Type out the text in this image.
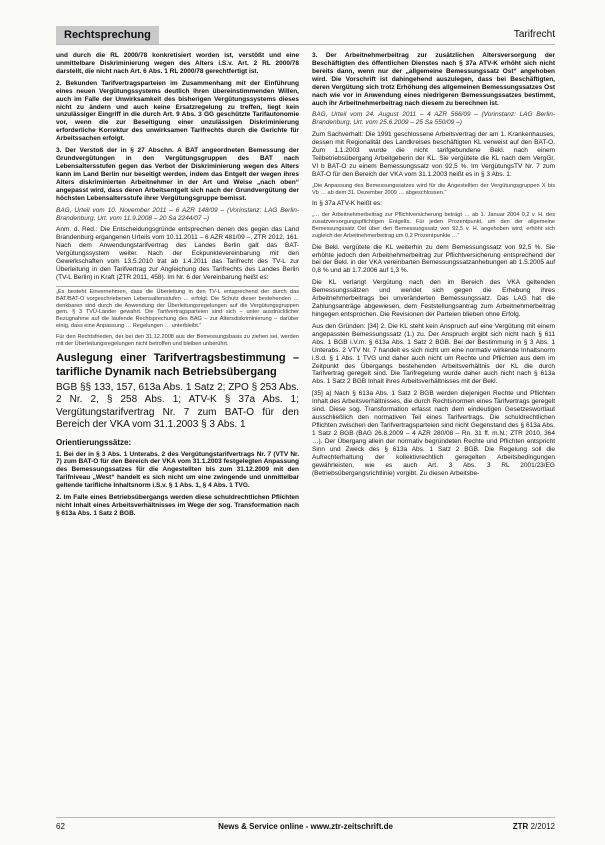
Rechtsprechung	Tarifrecht

und durch die RL 2000/78 konkretisiert worden ist, verstößt und eine unmittelbare Diskriminierung wegen des Alters i.S.v. Art. 2 RL 2000/78 darstellt, die nicht nach Art. 6 Abs. 1 RL 2000/78 gerechtfertigt ist.

2. Bekunden Tarifvertragsparteien im Zusammenhang mit der Einführung eines neuen Vergütungssystems deutlich ihren übereinstimmenden Willen, auch im Falle der Unwirksamkeit des bisherigen Vergütungssystems dieses nicht zu ändern und auch keine Ersatzregelung zu treffen, liegt kein unzulässiger Eingriff in die durch Art. 9 Abs. 3 GG geschützte Tarifautonomie vor, wenn die zur Beseitigung einer unzulässigen Diskriminierung erforderliche Korrektur des unwirksamen Tarifrechts durch die Gerichte für Arbeitssachen erfolgt.

3. Der Verstoß der in § 27 Abschn. A BAT angeordneten Bemessung der Grundvergütungen in den Vergütungsgruppen des BAT nach Lebensaltersstufen gegen das Verbot der Diskriminierung wegen des Alters kann im Land Berlin nur beseitigt werden, indem das Entgelt der wegen ihres Alters diskriminierten Arbeitnehmer in der Art und Weise „nach oben“ angepasst wird, dass deren Arbeitsentgelt sich nach der Grundvergütung der höchsten Lebensaltersstufe ihrer Vergütungsgruppe bemisst.

BAG, Urteil vom 10. November 2011 – 6 AZR 148/09 – (Vorinstanz: LAG Berlin-Brandenburg, Urt. vom 11.9.2008 – 20 Sa 2244/07 –)

Anm. d. Red.: Die Entscheidungsgründe entsprechen denen des gegen das Land Brandenburg ergangenen Urteils vom 10.11.2011 – 6 AZR 481/09 –, ZTR 2012, 161. Nach dem Anwendungstarifvertrag des Landes Berlin galt das BAT-Vergütungssystem weiter. Nach der Eckpunktevereinbarung mit den Gewerkschaften vom 13.5.2010 trat ab 1.4.2011 das Tarifrecht des TV-L zur Überleitung in den Tarifvertrag zur Angleichung des Tarifrechts des Landes Berlin (TV-L Berlin) in Kraft (ZTR 2011, 458). Im Nr. 6 der Vereinbarung heißt es:

„Es besteht Einvernehmen, dass die Überleitung in den TV-L entsprechend der durch das BAT/BAT-O vorgeschriebenen Lebensaltersstufen … erfolgt. Die Schutz dieser bestehenden … denkbaren sind durch die Anwendung der Überleitungsregelungen auf die Vergütungsgruppen gem. § 3 TVÜ-Länder gewahrt. Die Tarifvertragsparteien sind sich – unter ausdrücklicher Bezugnahme auf die laufende Rechtsprechung des BAG – zur Altersdiskriminierung – darüber einig, dass eine Anpassung … Regelungen … unterbleibt.“

Für den Rechtsfrieden, der bei den 31.12.2008 aus der Bemessungsbasis zu ziehen sei, werden mit der Überleitungsregelungen nicht betroffen und bleiben unberührt.

Auslegung einer Tarifvertragsbestimmung – tarifliche Dynamik nach Betriebsübergang
BGB §§ 133, 157, 613a Abs. 1 Satz 2; ZPO § 253 Abs. 2 Nr. 2, § 258 Abs. 1; ATV-K § 37a Abs. 1; Vergütungstarifvertrag Nr. 7 zum BAT-O für den Bereich der VKA vom 31.1.2003 § 3 Abs. 1
Orientierungssätze:

1. Bei der in § 3 Abs. 1 Unterabs. 2 des Vergütungstarifvertrags Nr. 7 (VTV Nr. 7) zum BAT-O für den Bereich der VKA vom 31.1.2003 festgelegten Anpassung des Bemessungssatzes für die Angestellten bis zum 31.12.2009 mit den Tarifniveau „West“ handelt es sich nicht um eine zwingende und unmittelbar geltende tarifliche Inhaltsnorm i.S.v. § 1 Abs. 1, § 4 Abs. 1 TVG.

2. Im Falle eines Betriebsübergangs werden diese schuldrechtlichen Pflichten nicht Inhalt eines Arbeitsverhältnisses im Wege der sog. Transformation nach § 613a Abs. 1 Satz 2 BGB.

3. Der Arbeitnehmerbeitrag zur zusätzlichen Altersversorgung der Beschäftigten des öffentlichen Dienstes nach § 37a ATV-K erhöht sich nicht bereits dann, wenn nur der „allgemeine Bemessungssatz Ost“ angehoben wird. Die Vorschrift ist dahingehend auszulegen, dass bei Beschäftigten, deren Vergütung sich trotz Erhöhung des allgemeinen Bemessungssatzes Ost nach wie vor in Anwendung eines niedrigeren Bemessungssatzes bestimmt, auch ihr Arbeitnehmerbeitrag nach diesem zu berechnen ist.

BAG, Urteil vom 24. August 2011 – 4 AZR 566/09 – (Vorinstanz: LAG Berlin-Brandenburg, Urt. vom 25.6.2009 – 25 Sa 550/09 –)

Zum Sachverhalt: Die 1991 geschlossene Arbeitsvertrag der am 1. Krankenhauses, dessen mit Regionalität des Landkreises beschäftigten KL verweist auf den BAT-O. Zum 1.1.2003 wurde die nicht tarifgebundene Bekl. nach einem Teilbetriebsübergang Arbeitgeberin der KL. Sie vergütete die KL nach dem VergGr. VI b BAT-O zu einem Bemessungssatz von 92,5 %. Im VergütungsTV Nr. 7 zum BAT-O für den Bereich der VKA vom 31.1.2003 heißt es in § 3 Abs. 1:

„Die Anpassung des Bemessungssatzes wird für die Angestellten der Vergütungsgruppen X bis Vb … ab dem 31. Dezember 2009 … abgeschlossen.“

In § 37a ATV-K heißt es:

„… der Arbeitnehmerbeitrag zur Pflichtversicherung beträgt … ab 1. Januar 2004 0,2 v. H. des zusatzversorgungspflichtigen Entgelts. Für jeden Prozentpunkt, um den der allgemeine Bemessungssatz Ost über den Bemessungssatz von 92,5 v. H. angehoben wird, erhöht sich zugleich der Arbeitnehmerbeitrag um 0,2 Prozentpunkte …“

Die Bekl. vergütete die KL weiterhin zu dem Bemessungssatz von 92,5 %. Sie erhöhte jedoch den Arbeitnehmerbeitrag zur Pflichtversicherung entsprechend der bei der Bekl. in der VKA vereinbarten Bemessungssatzanhebungen ab 1.5.2005 auf 0,8 % und ab 1.7.2006 auf 1,3 %.

Die KL verlangt Vergütung nach den im Bereich des VKA geltenden Bemessungssätzen und wendet sich gegen die Erhebung ihres Arbeitnehmerbeitrags bei unveränderten Bemessungssatz. Das LAG hat die Zahlungsanträge abgewiesen, dem Feststellungsantrag zum Arbeitnehmerbeitrag hingegen entsprochen. Die Revisionen der Parteien blieben ohne Erfolg.

Aus den Gründen: [34] 2. Die KL steht kein Anspruch auf eine Vergütung mit einem angepassten Bemessungssatz (1.) zu. Der Anspruch ergibt sich nicht nach § 611 Abs. 1 BGB i.V.m. § 613a Abs. 1 Satz 2 BGB. Bei der Bestimmung in § 3 Abs. 1 Unterabs. 2 VTV Nr. 7 handelt es sich nicht um eine normativ wirkende Inhaltsnorm i.S.d. § 1 Abs. 1 TVG und daher auch nicht um Rechte und Pflichten aus dem im Zeitpunkt des Übergangs bestehenden Arbeitsverhältnis der KL die durch Tarifvertrag geregelt sind. Die Tarifregelung wurde daher auch nicht nach § 613a Abs. 1 Satz 2 BGB Inhalt ihres Arbeitsverhältnisses mit der Bekl.

[35] a) Nach § 613a Abs. 1 Satz 2 BGB werden diejenigen Rechte und Pflichten Inhalt des Arbeitsverhältnisses, die durch Rechtsnormen eines Tarifvertrags geregelt sind. Diese sog. Transformation erfasst nach dem eindeutigen Gesetzeswortlaut ausschließlich den normativen Teil eines Tarifvertrags. Die schuldrechtlichen Pflichten zwischen den Tarifvertragsparteien sind nicht Gegenstand des § 613a Abs. 1 Satz 2 BGB (BAG 26.8.2009 – 4 AZR 280/08 – Rn. 31 ff. m.N.; ZTR 2010, 364 …). Der Übergang allein der normativ begründeten Rechte und Pflichten entspricht Sinn und Zweck des § 613a Abs. 1 Satz 2 BGB. Die Regelung soll die Aufrechterhaltung der kollektivrechtlich geregelten Arbeitsbedingungen gewährleisten, wie es auch Art. 3 Abs. 3 RL 2001/23/EG (Betriebsübergangsrichtlinie) vorgibt. Zu diesen Arbeitsbe-

62	News & Service online - www.ztr-zeitschrift.de	ZTR 2/2012
